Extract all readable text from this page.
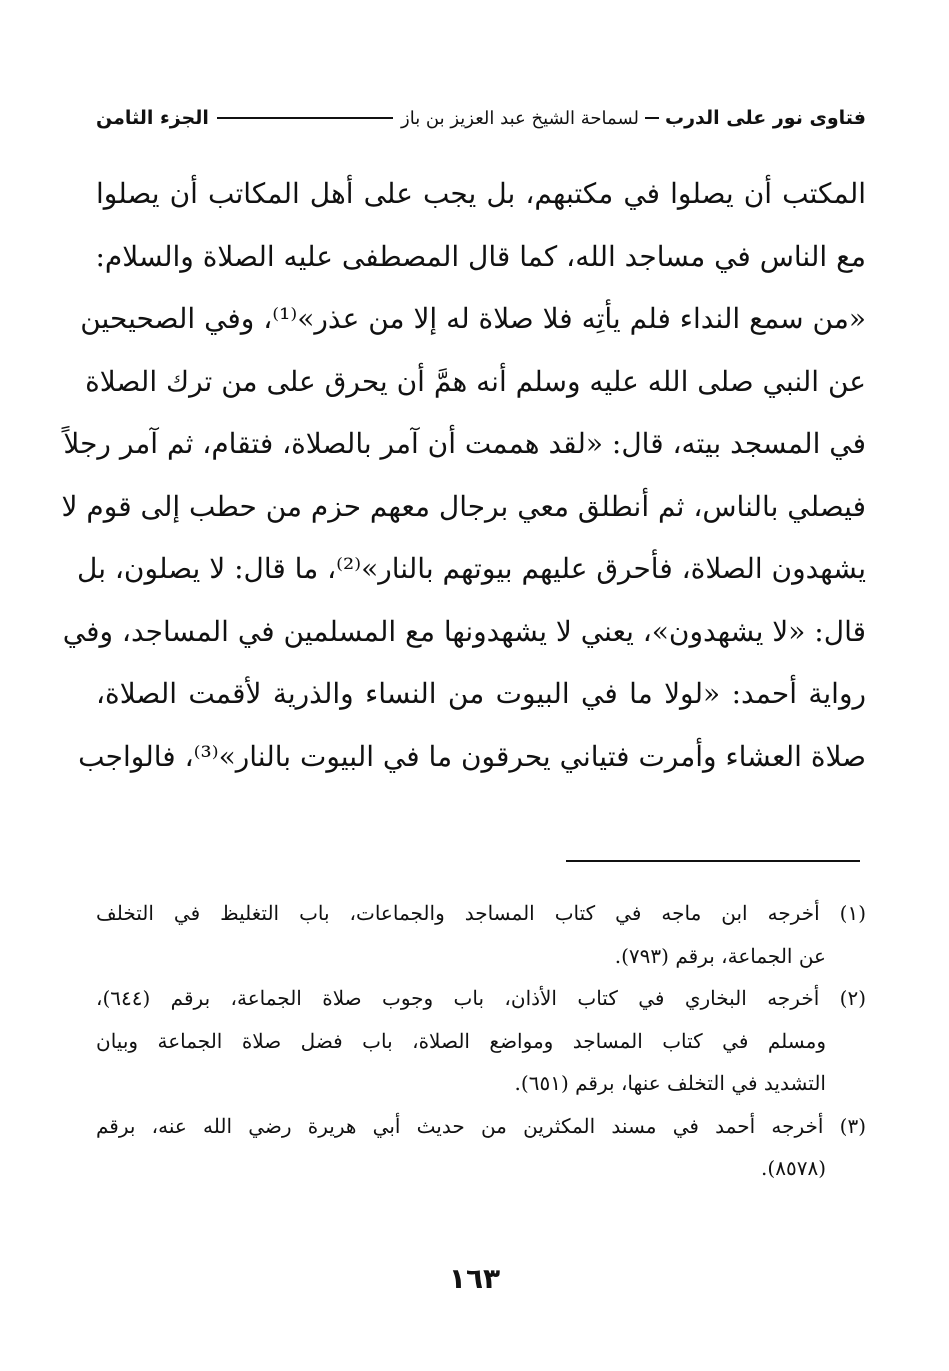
فتاوى نور على الدرب
لسماحة الشيخ عبد العزيز بن باز
الجزء الثامن
المكتب أن يصلوا في مكتبهم، بل يجب على أهل المكاتب أن يصلوا
مع الناس في مساجد الله، كما قال المصطفى عليه الصلاة والسلام:
«من سمع النداء فلم يأتِه فلا صلاة له إلا من عذر»⁽¹⁾، وفي الصحيحين
عن النبي صلى الله عليه وسلم أنه همَّ أن يحرق على من ترك الصلاة
في المسجد بيته، قال: «لقد هممت أن آمر بالصلاة، فتقام، ثم آمر رجلاً
فيصلي بالناس، ثم أنطلق معي برجال معهم حزم من حطب إلى قوم لا
يشهدون الصلاة، فأحرق عليهم بيوتهم بالنار»⁽²⁾، ما قال: لا يصلون، بل
قال: «لا يشهدون»، يعني لا يشهدونها مع المسلمين في المساجد، وفي
رواية أحمد: «لولا ما في البيوت من النساء والذرية لأقمت الصلاة،
صلاة العشاء وأمرت فتياني يحرقون ما في البيوت بالنار»⁽³⁾، فالواجب
(١) أخرجه ابن ماجه في كتاب المساجد والجماعات، باب التغليظ في التخلف
عن الجماعة، برقم (٧٩٣).
(٢) أخرجه البخاري في كتاب الأذان، باب وجوب صلاة الجماعة، برقم (٦٤٤)،
ومسلم في كتاب المساجد ومواضع الصلاة، باب فضل صلاة الجماعة وبيان
التشديد في التخلف عنها، برقم (٦٥١).
(٣) أخرجه أحمد في مسند المكثرين من حديث أبي هريرة رضي الله عنه، برقم
(٨٥٧٨).
١٦٣
